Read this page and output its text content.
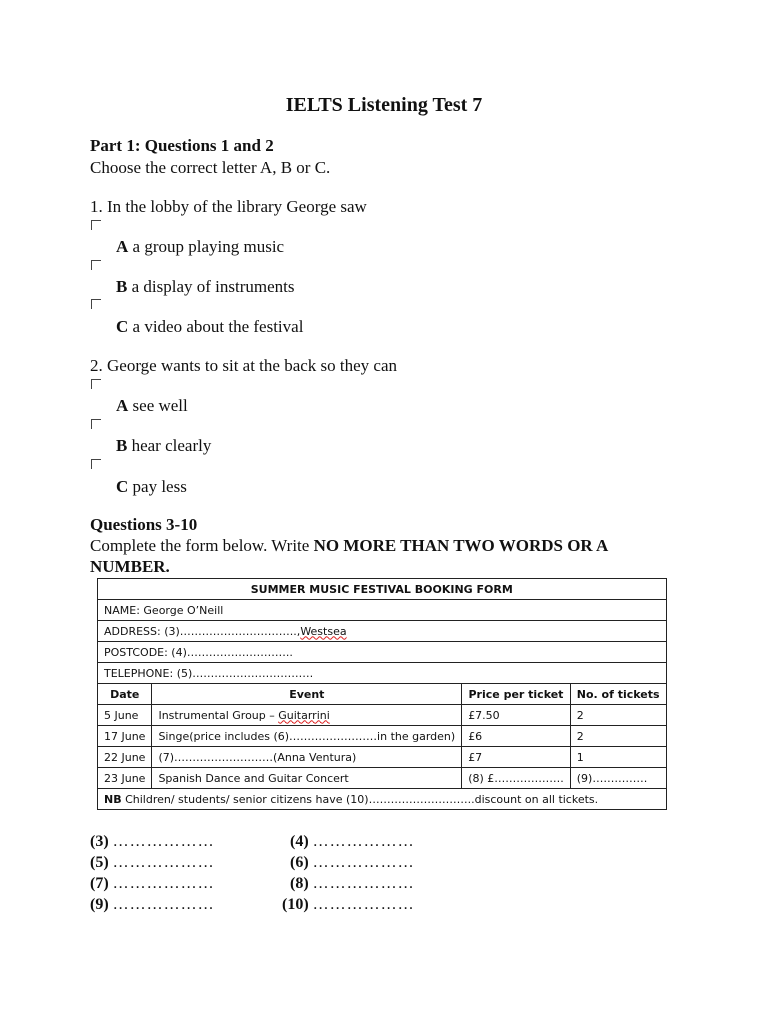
IELTS Listening Test 7
Part 1: Questions 1 and 2
Choose the correct letter A, B or C.
1. In the lobby of the library George saw
A a group playing music
B a display of instruments
C a video about the festival
2. George wants to sit at the back so they can
A see well
B hear clearly
C pay less
Questions 3-10
Complete the form below. Write NO MORE THAN TWO WORDS OR A
NUMBER.
SUMMER MUSIC FESTIVAL BOOKING FORM			
NAME: George O’Neill			
ADDRESS: (3)…………………………..,Westsea			
POSTCODE: (4)………………………..			
TELEPHONE: (5)……………………………			
Date	Event	Price per ticket	No. of tickets
5 June	Instrumental Group – Guitarrini	£7.50	2
17 June	Singe(price includes (6)……………………in the garden)	£6	2
22 June	(7)………………………(Anna Ventura)	£7	1
23 June	Spanish Dance and Guitar Concert	(8) £……………….	(9)……………
NB Children/ students/ senior citizens have (10)………………………..discount on all tickets.			
(3) ………………	(4) ………………
(5) ………………	(6) ………………
(7) ………………	(8) ………………
(9) ………………	(10) ………………
